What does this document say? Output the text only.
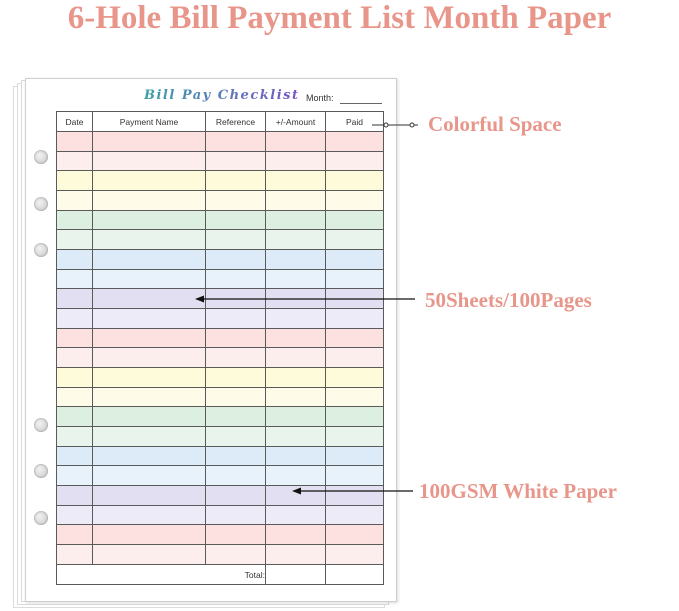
6-Hole Bill Payment List Month Paper
Bill Pay Checklist Month:
Date	Payment Name	Reference	+/-Amount	Paid

Total:				

Colorful Space

50Sheets/100Pages

100GSM White Paper
